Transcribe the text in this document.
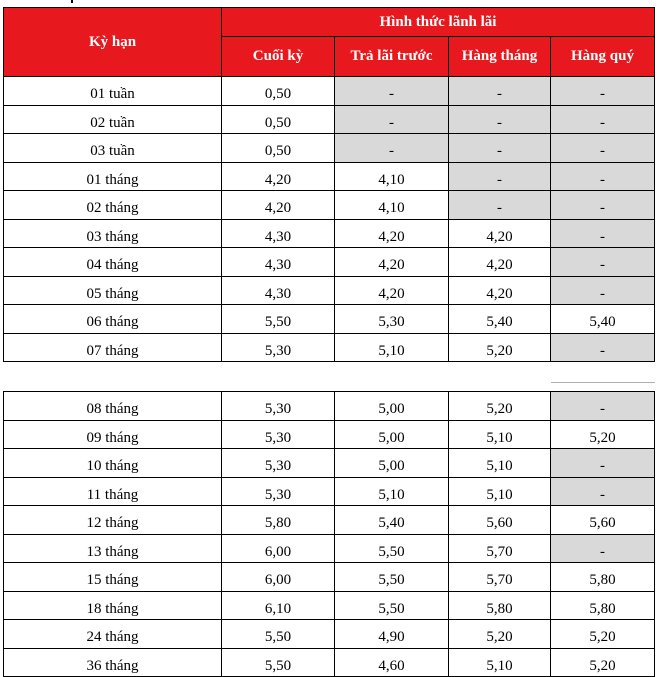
Kỳ hạn	Hình thức lãnh lãi			
	Cuối kỳ	Trả lãi trước	Hàng tháng	Hàng quý

01 tuần	0,50	-	-	-

02 tuần	0,50	-	-	-

03 tuần	0,50	-	-	-

01 tháng	4,20	4,10	-	-

02 tháng	4,20	4,10	-	-

03 tháng	4,30	4,20	4,20	-

04 tháng	4,30	4,20	4,20	-

05 tháng	4,30	4,20	4,20	-

06 tháng	5,50	5,30	5,40	5,40

07 tháng	5,30	5,10	5,20	-
08 tháng	5,30	5,00	5,20	-

09 tháng	5,30	5,00	5,10	5,20

10 tháng	5,30	5,00	5,10	-

11 tháng	5,30	5,10	5,10	-

12 tháng	5,80	5,40	5,60	5,60

13 tháng	6,00	5,50	5,70	-

15 tháng	6,00	5,50	5,70	5,80

18 tháng	6,10	5,50	5,80	5,80

24 tháng	5,50	4,90	5,20	5,20

36 tháng	5,50	4,60	5,10	5,20
